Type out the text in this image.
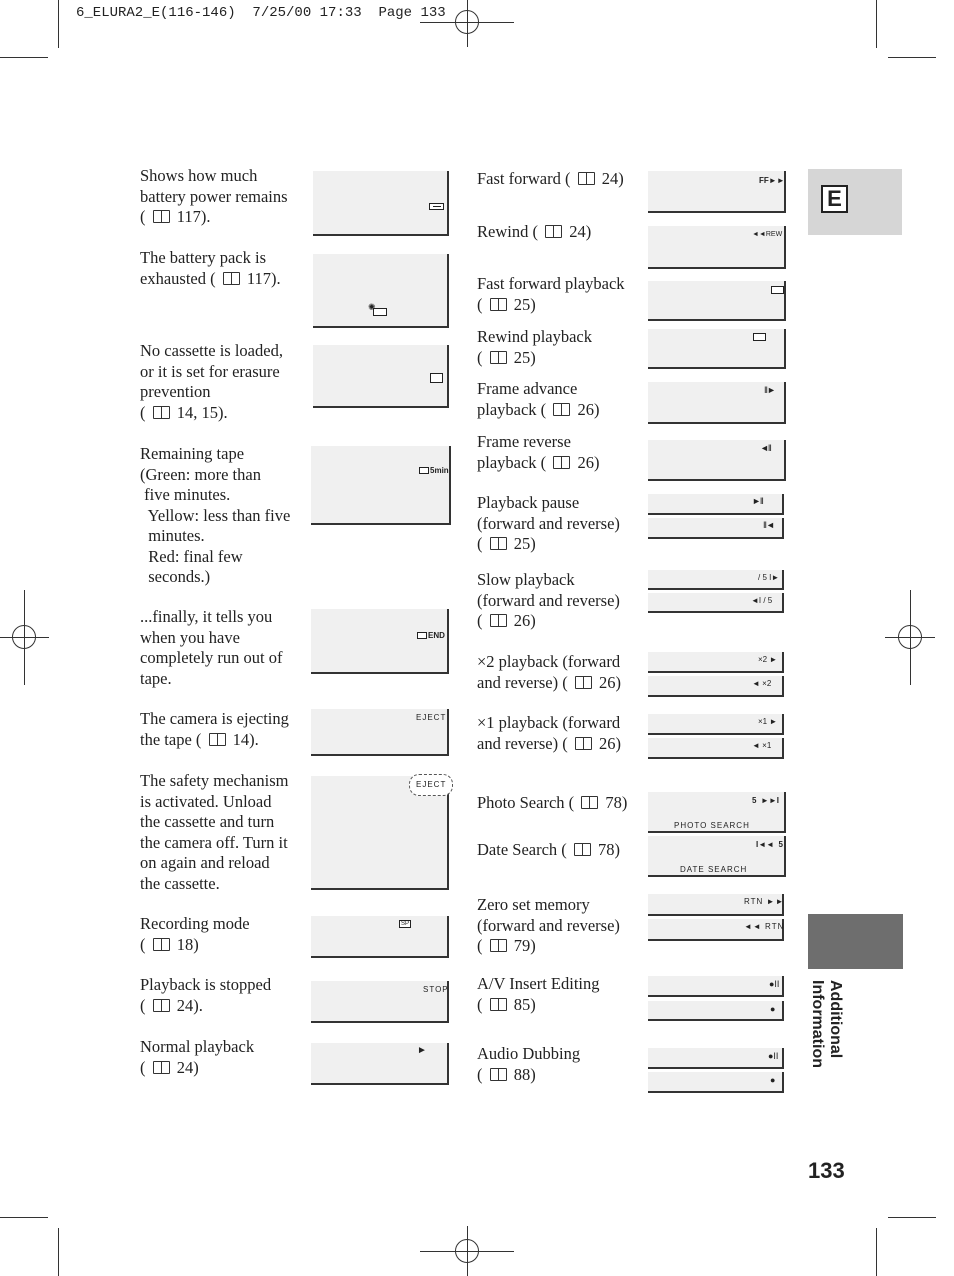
6_ELURA2_E(116-146)  7/25/00 17:33  Page 133
E
Additional
Information
133
Shows how much
battery power remains
(  117).
The battery pack is
exhausted (  117).
No cassette is loaded,
or it is set for erasure
prevention
(  14, 15).
Remaining tape
(Green: more than
five minutes.
Yellow: less than five
minutes.
Red: final few
seconds.)
...finally, it tells you
when you have
completely run out of
tape.
The camera is ejecting
the tape (  14).
The safety mechanism
is activated. Unload
the cassette and turn
the camera off. Turn it
on again and reload
the cassette.
Recording mode
(  18)
Playback is stopped
(  24).
Normal playback
(  24)
Fast forward (  24)
Rewind (  24)
Fast forward playback
(  25)
Rewind playback
(  25)
Frame advance
playback (  26)
Frame reverse
playback (  26)
Playback pause
(forward and reverse)
(  25)
Slow playback
(forward and reverse)
(  26)
×2 playback (forward
and reverse) (  26)
×1 playback (forward
and reverse) (  26)
Photo Search (  78)
Date Search (  78)
Zero set memory
(forward and reverse)
(  79)
A/V Insert Editing
(  85)
Audio Dubbing
(  88)
✺
5min
END
EJECT
EJECT
SP
STOP
►
FF►►
◄◄REW
II►
◄II
►II
II◄
/ 5 I►
◄I / 5
×2 ►
◄ ×2
×1 ►
◄ ×1
5  ►►I
PHOTO SEARCH
I◄◄  5
DATE SEARCH
RTN ►►
◄◄ RTN
●II
●
●II
●
